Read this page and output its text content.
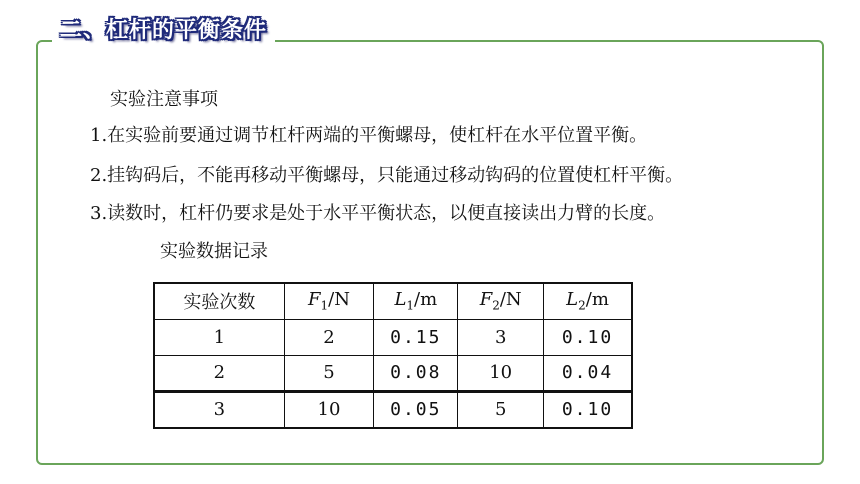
二、杠杆的平衡条件
实验注意事项
1.在实验前要通过调节杠杆两端的平衡螺母，使杠杆在水平位置平衡。
2.挂钩码后，不能再移动平衡螺母，只能通过移动钩码的位置使杠杆平衡。
3.读数时，杠杆仍要求是处于水平平衡状态，以便直接读出力臂的长度。
实验数据记录
实验次数	$F_1/N$	$L_1/m$	$F_2/N$	$L_2/m$
1	2	0.15	3	0.10
2	5	0.08	10	0.04
3	10	0.05	5	0.10
